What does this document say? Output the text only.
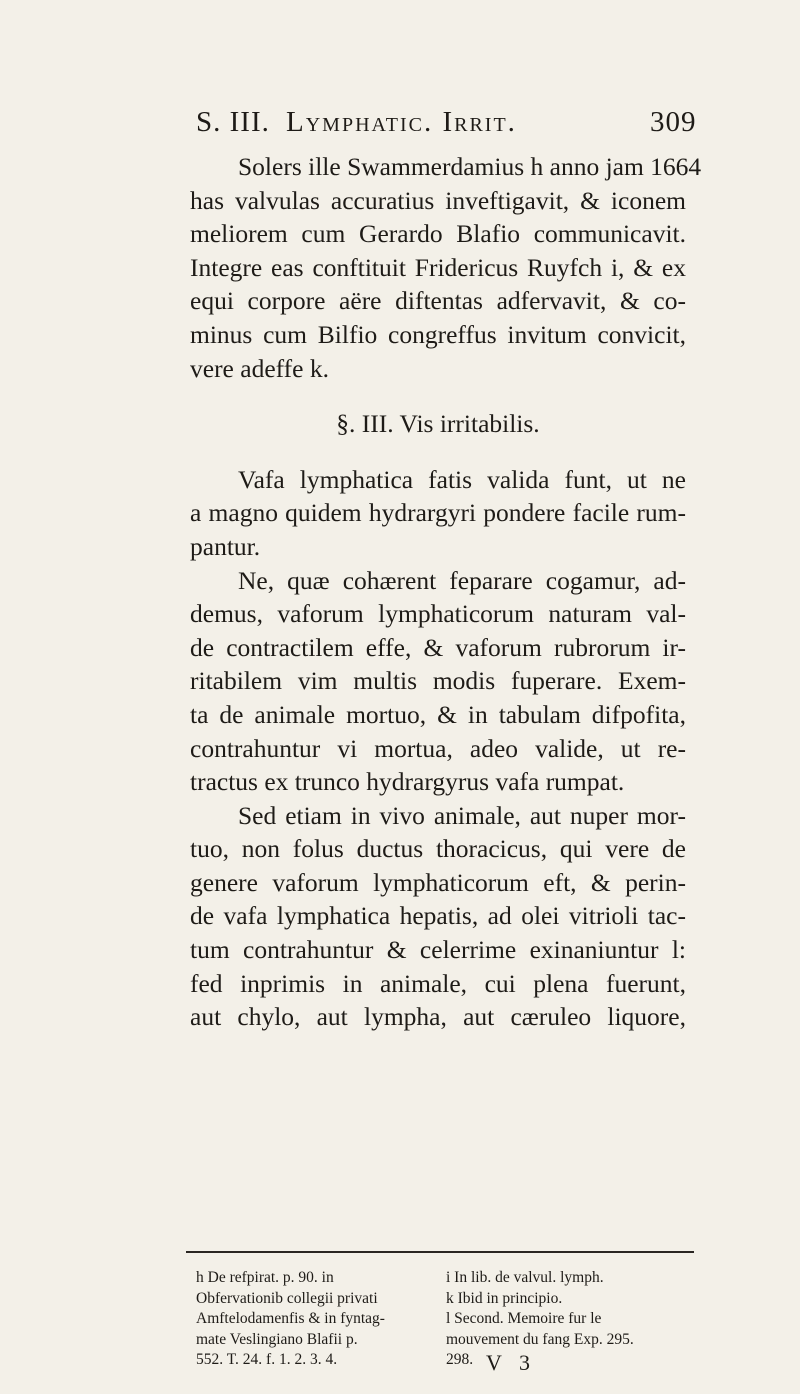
S. III. Lymphatic. Irrit.	309
Solers ille Swammerdamius h anno jam 1664
has valvulas accuratius inveftigavit, & iconem
meliorem cum Gerardo Blafio communicavit.
Integre eas conftituit Fridericus Ruyfch i, & ex
equi corpore aëre diftentas adfervavit, & co-
minus cum Bilfio congreffus invitum convicit,
vere adeffe k.
§. III. Vis irritabilis.
Vafa lymphatica fatis valida funt, ut ne
a magno quidem hydrargyri pondere facile rum-
pantur.
Ne, quæ cohærent feparare cogamur, ad-
demus, vaforum lymphaticorum naturam val-
de contractilem effe, & vaforum rubrorum ir-
ritabilem vim multis modis fuperare. Exem-
ta de animale mortuo, & in tabulam difpofita,
contrahuntur vi mortua, adeo valide, ut re-
tractus ex trunco hydrargyrus vafa rumpat.
Sed etiam in vivo animale, aut nuper mor-
tuo, non folus ductus thoracicus, qui vere de
genere vaforum lymphaticorum eft, & perin-
de vafa lymphatica hepatis, ad olei vitrioli tac-
tum contrahuntur & celerrime exinaniuntur l:
fed inprimis in animale, cui plena fuerunt,
aut chylo, aut lympha, aut cæruleo liquore,
h De refpirat. p. 90. in
Obfervationib collegii privati
Amftelodamenfis & in fyntag-
mate Veslingiano Blafii p.
552. T. 24. f. 1. 2. 3. 4.
i In lib. de valvul. lymph.
k Ibid in principio.
l Second. Memoire fur le
mouvement du fang Exp. 295.
298. V 3
